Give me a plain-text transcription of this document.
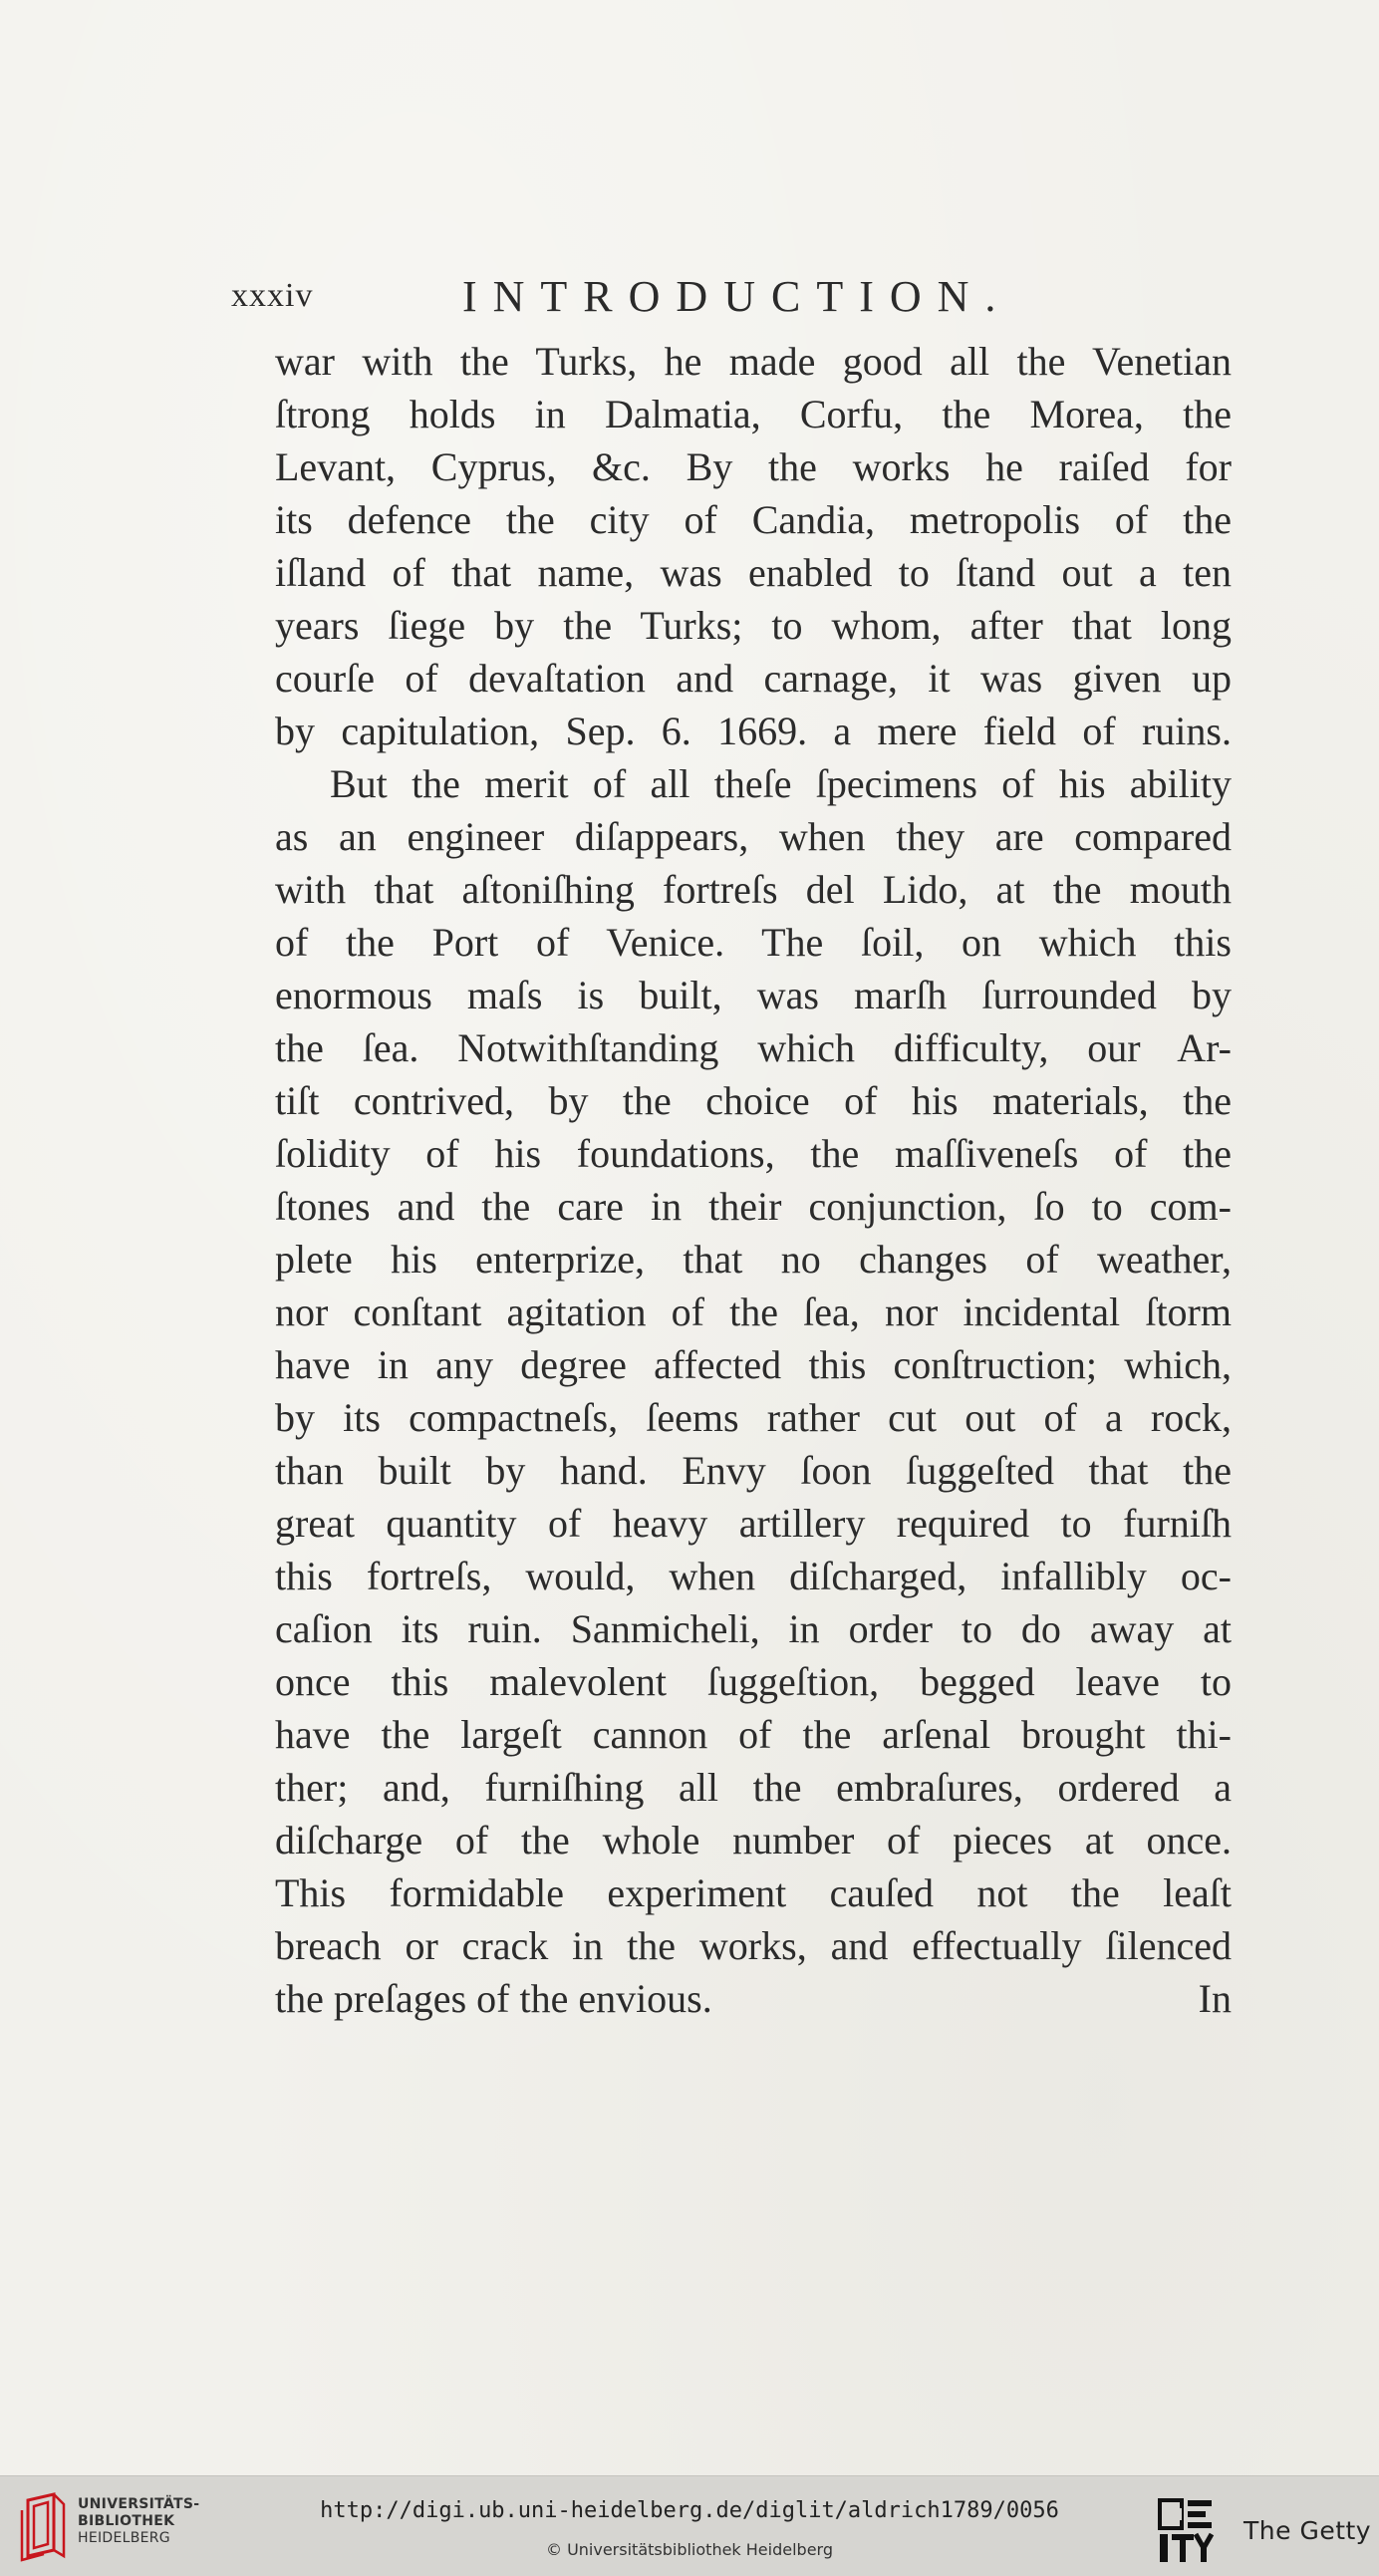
xxxiv	INTRODUCTION.
war with the Turks, he made good all the Venetian
ſtrong holds in Dalmatia, Corfu, the Morea, the
Levant, Cyprus, &c. By the works he raiſed for
its defence the city of Candia, metropolis of the
iſland of that name, was enabled to ſtand out a ten
years ſiege by the Turks; to whom, after that long
courſe of devaſtation and carnage, it was given up
by capitulation, Sep. 6. 1669. a mere field of ruins.
But the merit of all theſe ſpecimens of his ability
as an engineer diſappears, when they are compared
with that aſtoniſhing fortreſs del Lido, at the mouth
of the Port of Venice. The ſoil, on which this
enormous maſs is built, was marſh ſurrounded by
the ſea. Notwithſtanding which difficulty, our Ar-
tiſt contrived, by the choice of his materials, the
ſolidity of his foundations, the maſſiveneſs of the
ſtones and the care in their conjunction, ſo to com-
plete his enterprize, that no changes of weather,
nor conſtant agitation of the ſea, nor incidental ſtorm
have in any degree affected this conſtruction; which,
by its compactneſs, ſeems rather cut out of a rock,
than built by hand. Envy ſoon ſuggeſted that the
great quantity of heavy artillery required to furniſh
this fortreſs, would, when diſcharged, infallibly oc-
caſion its ruin. Sanmicheli, in order to do away at
once this malevolent ſuggeſtion, begged leave to
have the largeſt cannon of the arſenal brought thi-
ther; and, furniſhing all the embraſures, ordered a
diſcharge of the whole number of pieces at once.
This formidable experiment cauſed not the leaſt
breach or crack in the works, and effectually ſilenced
the preſages of the envious.	In
UNIVERSITÄTS-
BIBLIOTHEK
HEIDELBERG
http://digi.ub.uni-heidelberg.de/diglit/aldrich1789/0056
© Universitätsbibliothek Heidelberg
The Getty
